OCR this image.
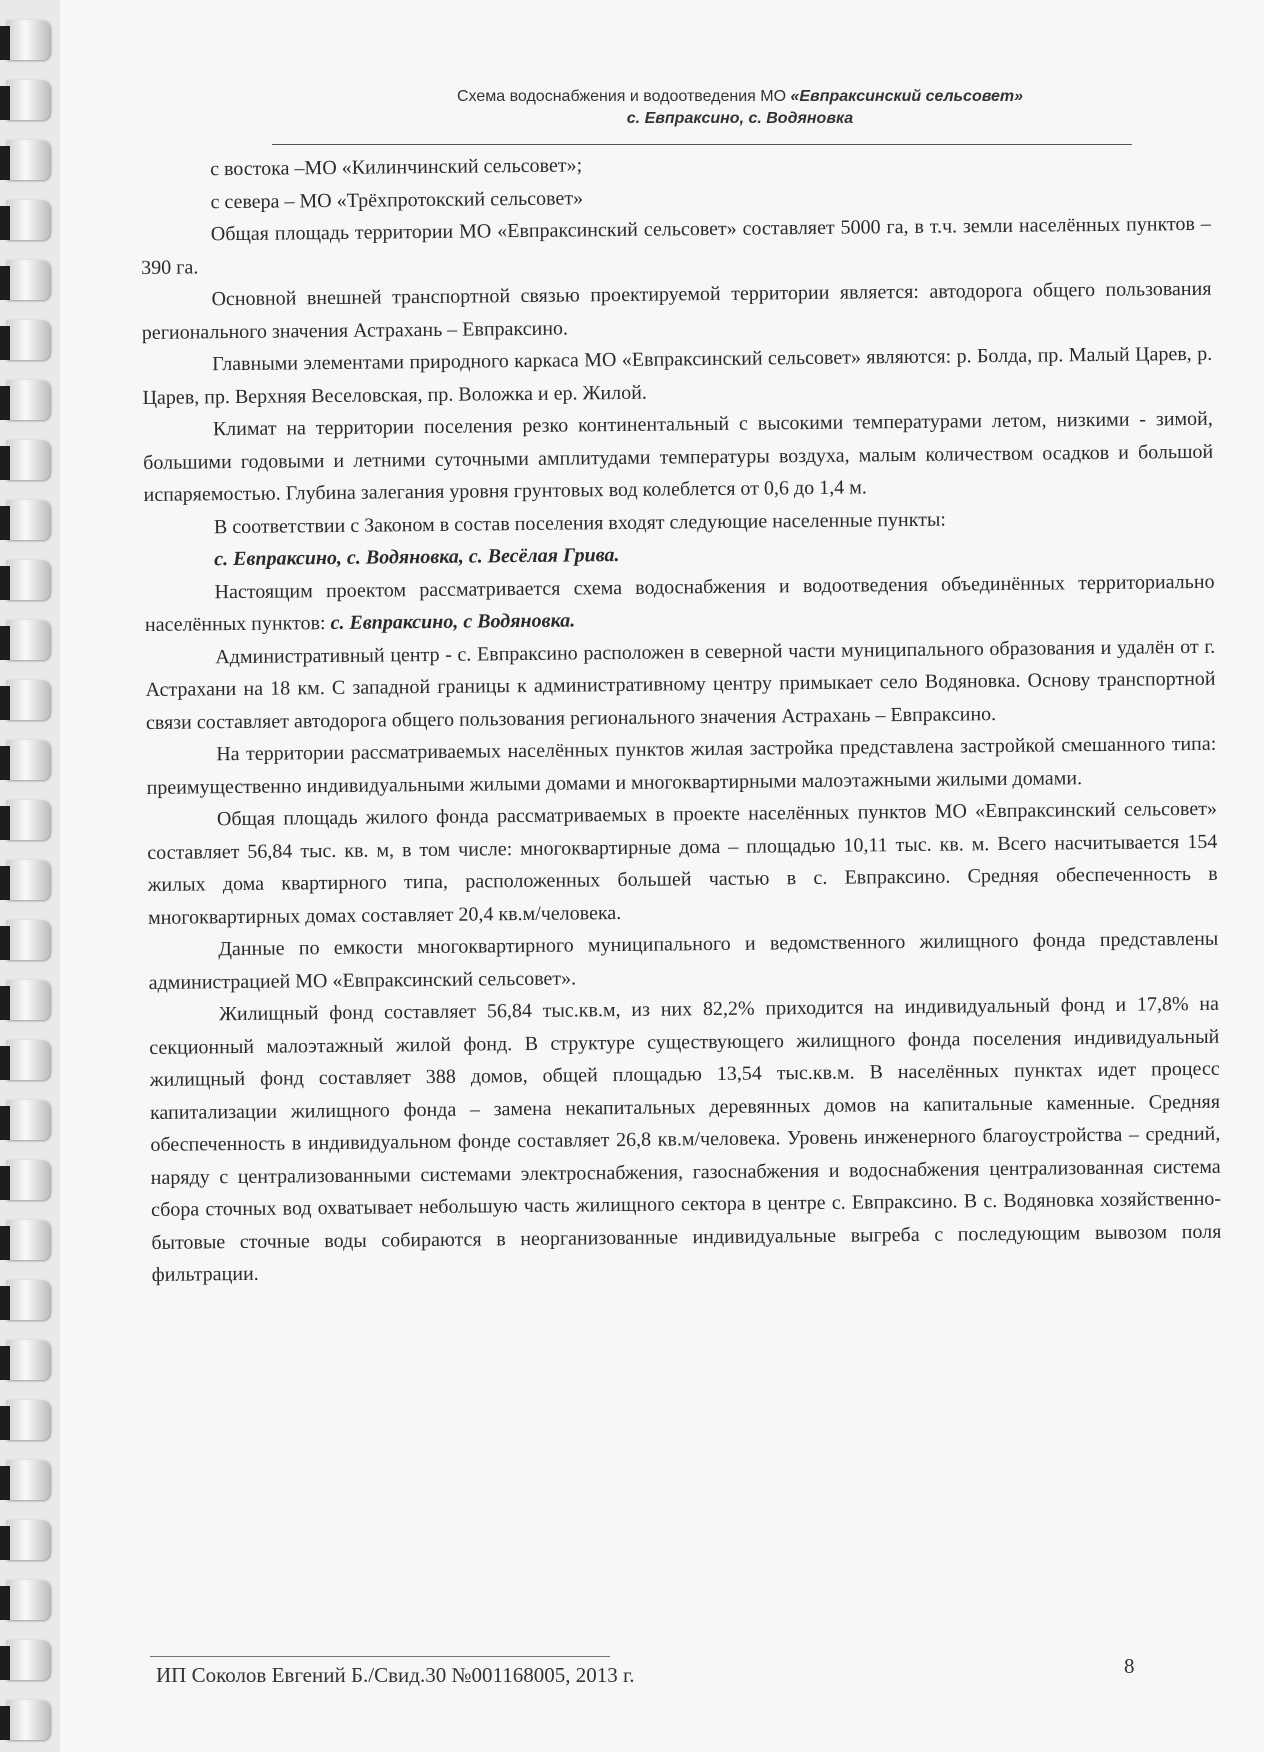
Схема водоснабжения и водоотведения МО «Евпраксинский сельсовет»
с. Евпраксино, с. Водяновка

с востока –МО «Килинчинский сельсовет»;

с севера – МО «Трёхпротокский сельсовет»

Общая площадь территории МО «Евпраксинский сельсовет» составляет 5000 га, в т.ч. земли населённых пунктов – 390 га.

Основной внешней транспортной связью проектируемой территории является: автодорога общего пользования регионального значения Астрахань – Евпраксино.

Главными элементами природного каркаса МО «Евпраксинский сельсовет» являются: р. Болда, пр. Малый Царев, р. Царев, пр. Верхняя Веселовская, пр. Воложка и ер. Жилой.

Климат на территории поселения резко континентальный с высокими температурами летом, низкими - зимой, большими годовыми и летними суточными амплитудами температуры воздуха, малым количеством осадков и большой испаряемостью. Глубина залегания уровня грунтовых вод колеблется от 0,6 до 1,4 м.

В соответствии с Законом в состав поселения входят следующие населенные пункты:

с. Евпраксино, с. Водяновка, с. Весёлая Грива.

Настоящим проектом рассматривается схема водоснабжения и водоотведения объединённых территориально населённых пунктов: с. Евпраксино, с Водяновка.

Административный центр - с. Евпраксино расположен в северной части муниципального образования и удалён от г. Астрахани на 18 км. С западной границы к административному центру примыкает село Водяновка. Основу транспортной связи составляет автодорога общего пользования регионального значения Астрахань – Евпраксино.

На территории рассматриваемых населённых пунктов жилая застройка представлена застройкой смешанного типа: преимущественно индивидуальными жилыми домами и многоквартирными малоэтажными жилыми домами.

Общая площадь жилого фонда рассматриваемых в проекте населённых пунктов МО «Евпраксинский сельсовет» составляет 56,84 тыс. кв. м, в том числе: многоквартирные дома – площадью 10,11 тыс. кв. м. Всего насчитывается 154 жилых дома квартирного типа, расположенных большей частью в с. Евпраксино. Средняя обеспеченность в многоквартирных домах составляет 20,4 кв.м/человека.

Данные по емкости многоквартирного муниципального и ведомственного жилищного фонда представлены администрацией МО «Евпраксинский сельсовет».

Жилищный фонд составляет 56,84 тыс.кв.м, из них 82,2% приходится на индивидуальный фонд и 17,8% на секционный малоэтажный жилой фонд. В структуре существующего жилищного фонда поселения индивидуальный жилищный фонд составляет 388 домов, общей площадью 13,54 тыс.кв.м. В населённых пунктах идет процесс капитализации жилищного фонда – замена некапитальных деревянных домов на капитальные каменные. Средняя обеспеченность в индивидуальном фонде составляет 26,8 кв.м/человека. Уровень инженерного благоустройства – средний, наряду с централизованными системами электроснабжения, газоснабжения и водоснабжения централизованная система сбора сточных вод охватывает небольшую часть жилищного сектора в центре с. Евпраксино. В с. Водяновка хозяйственно-бытовые сточные воды собираются в неорганизованные индивидуальные выгреба с последующим вывозом поля фильтрации.

ИП Соколов Евгений Б./Свид.30 №001168005, 2013 г.	8
